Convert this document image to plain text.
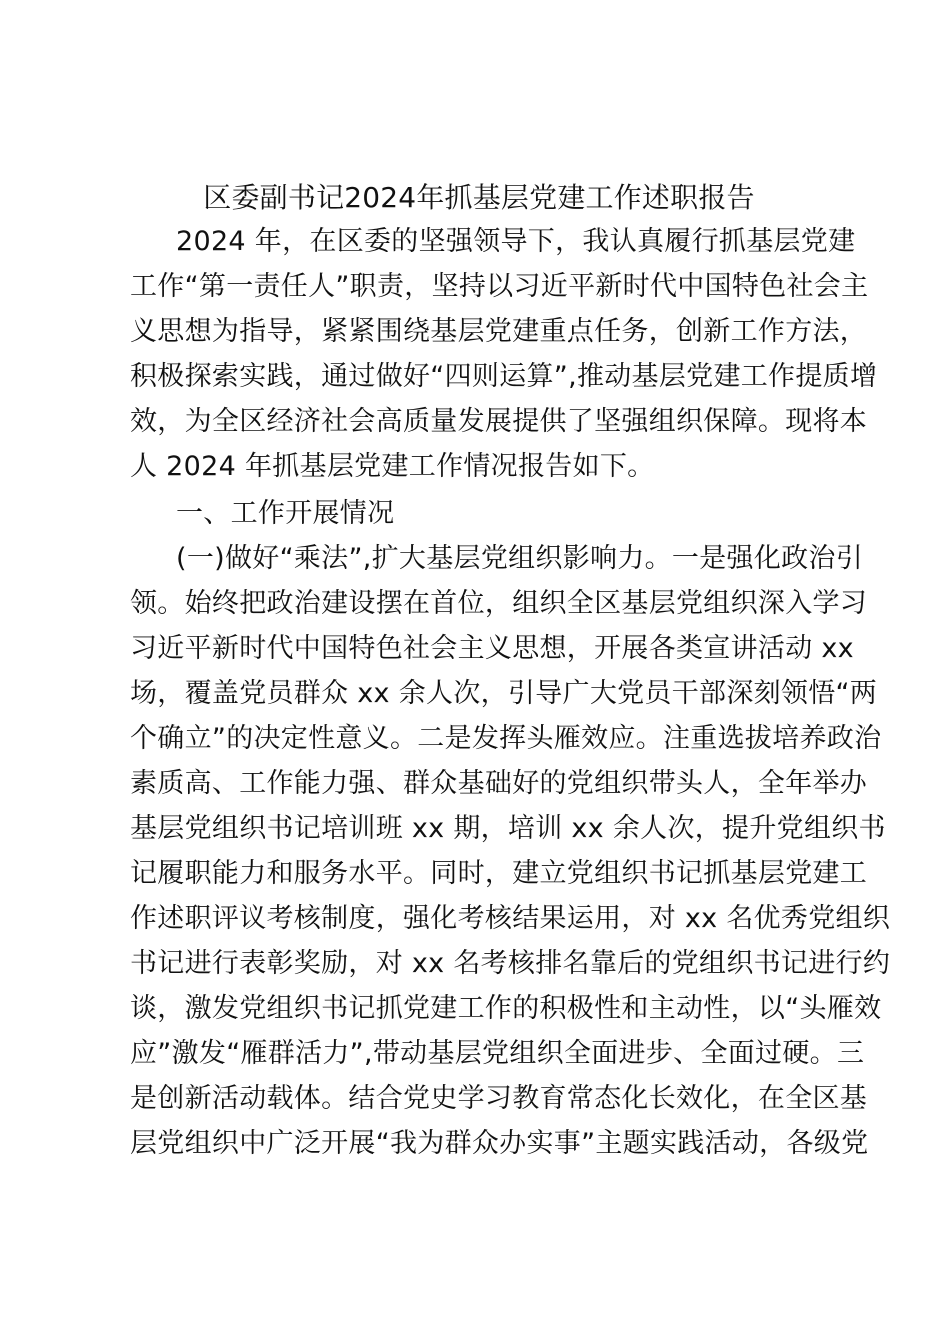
区委副书记2024年抓基层党建工作述职报告
2024 年，在区委的坚强领导下，我认真履行抓基层党建
工作“第一责任人”职责，坚持以习近平新时代中国特色社会主
义思想为指导，紧紧围绕基层党建重点任务，创新工作方法，
积极探索实践，通过做好“四则运算”,推动基层党建工作提质增
效，为全区经济社会高质量发展提供了坚强组织保障。现将本
人 2024 年抓基层党建工作情况报告如下。
一、工作开展情况
(一)做好“乘法”,扩大基层党组织影响力。一是强化政治引
领。始终把政治建设摆在首位，组织全区基层党组织深入学习
习近平新时代中国特色社会主义思想，开展各类宣讲活动 xx
场，覆盖党员群众 xx 余人次，引导广大党员干部深刻领悟“两
个确立”的决定性意义。二是发挥头雁效应。注重选拔培养政治
素质高、工作能力强、群众基础好的党组织带头人，全年举办
基层党组织书记培训班 xx 期，培训 xx 余人次，提升党组织书
记履职能力和服务水平。同时，建立党组织书记抓基层党建工
作述职评议考核制度，强化考核结果运用，对 xx 名优秀党组织
书记进行表彰奖励，对 xx 名考核排名靠后的党组织书记进行约
谈，激发党组织书记抓党建工作的积极性和主动性，以“头雁效
应”激发“雁群活力”,带动基层党组织全面进步、全面过硬。三
是创新活动载体。结合党史学习教育常态化长效化，在全区基
层党组织中广泛开展“我为群众办实事”主题实践活动，各级党
